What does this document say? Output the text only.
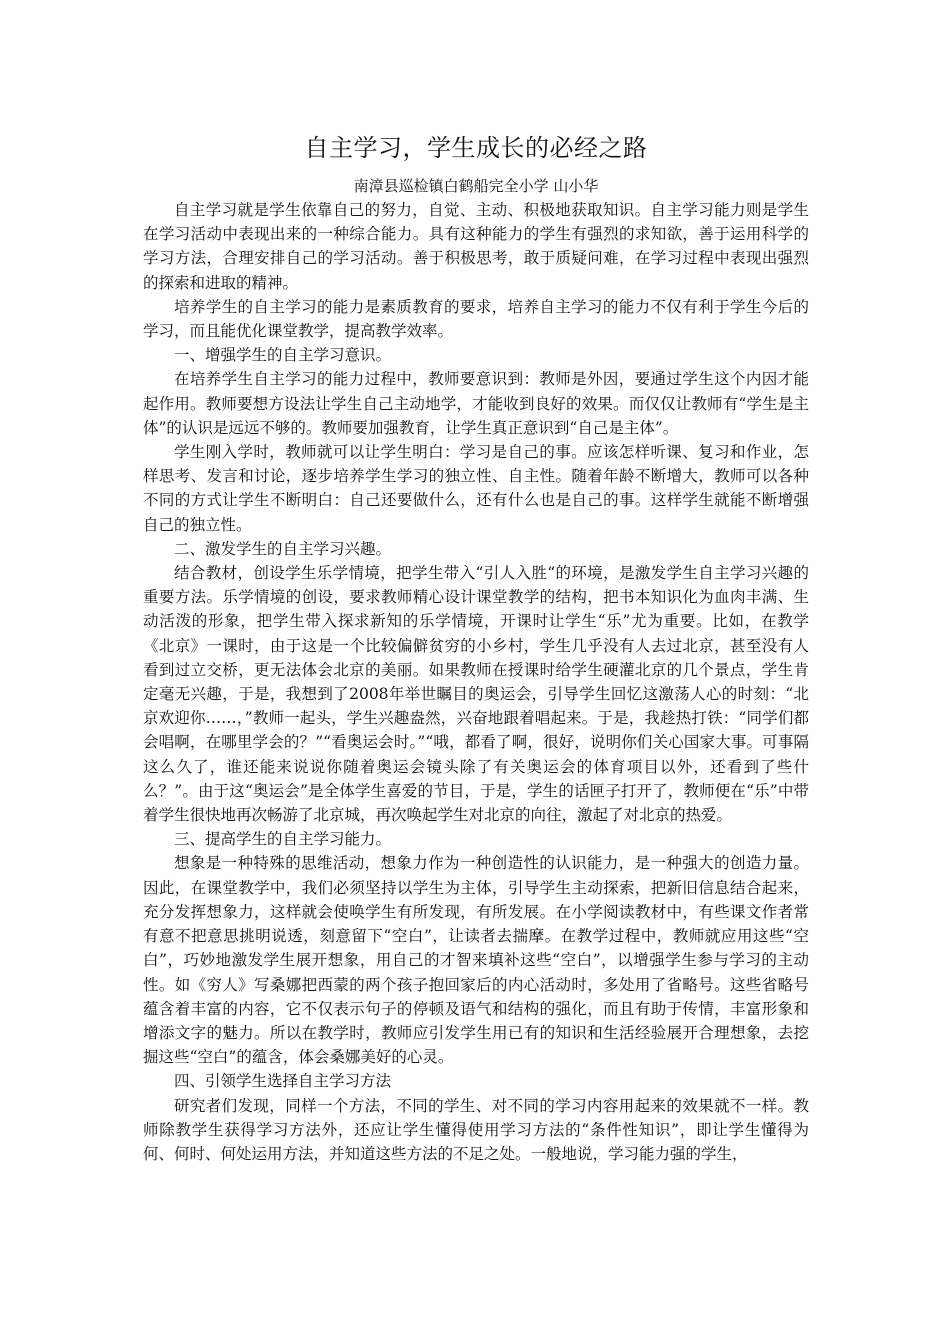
自主学习，学生成长的必经之路

南漳县巡检镇白鹤船完全小学 山小华

自主学习就是学生依靠自己的努力，自觉、主动、积极地获取知识。自主学习能力则是学生在学习活动中表现出来的一种综合能力。具有这种能力的学生有强烈的求知欲，善于运用科学的学习方法，合理安排自己的学习活动。善于积极思考，敢于质疑问难，在学习过程中表现出强烈的探索和进取的精神。

培养学生的自主学习的能力是素质教育的要求，培养自主学习的能力不仅有利于学生今后的学习，而且能优化课堂教学，提高教学效率。

一、增强学生的自主学习意识。

在培养学生自主学习的能力过程中，教师要意识到：教师是外因，要通过学生这个内因才能起作用。教师要想方设法让学生自己主动地学，才能收到良好的效果。而仅仅让教师有“学生是主体”的认识是远远不够的。教师要加强教育，让学生真正意识到“自己是主体”。

学生刚入学时，教师就可以让学生明白：学习是自己的事。应该怎样听课、复习和作业，怎样思考、发言和讨论，逐步培养学生学习的独立性、自主性。随着年龄不断增大，教师可以各种不同的方式让学生不断明白：自己还要做什么，还有什么也是自己的事。这样学生就能不断增强自己的独立性。

二、激发学生的自主学习兴趣。

结合教材，创设学生乐学情境，把学生带入“引人入胜“的环境，是激发学生自主学习兴趣的重要方法。乐学情境的创设，要求教师精心设计课堂教学的结构，把书本知识化为血肉丰满、生动活泼的形象，把学生带入探求新知的乐学情境，开课时让学生“乐”尤为重要。比如，在教学《北京》一课时，由于这是一个比较偏僻贫穷的小乡村，学生几乎没有人去过北京，甚至没有人看到过立交桥，更无法体会北京的美丽。如果教师在授课时给学生硬灌北京的几个景点，学生肯定毫无兴趣，于是，我想到了2008年举世瞩目的奥运会，引导学生回忆这激荡人心的时刻：“北京欢迎你……，”教师一起头，学生兴趣盎然，兴奋地跟着唱起来。于是，我趁热打铁：“同学们都会唱啊，在哪里学会的？”“看奥运会时。”“哦，都看了啊，很好，说明你们关心国家大事。可事隔这么久了，谁还能来说说你随着奥运会镜头除了有关奥运会的体育项目以外，还看到了些什么？”。由于这“奥运会”是全体学生喜爱的节目，于是，学生的话匣子打开了，教师便在“乐”中带着学生很快地再次畅游了北京城，再次唤起学生对北京的向往，激起了对北京的热爱。

三、提高学生的自主学习能力。

想象是一种特殊的思维活动，想象力作为一种创造性的认识能力，是一种强大的创造力量。因此，在课堂教学中，我们必须坚持以学生为主体，引导学生主动探索，把新旧信息结合起来，充分发挥想象力，这样就会使唤学生有所发现，有所发展。在小学阅读教材中，有些课文作者常有意不把意思挑明说透，刻意留下“空白”，让读者去揣摩。在教学过程中，教师就应用这些“空白”，巧妙地激发学生展开想象，用自己的才智来填补这些“空白”，以增强学生参与学习的主动性。如《穷人》写桑娜把西蒙的两个孩子抱回家后的内心活动时，多处用了省略号。这些省略号蕴含着丰富的内容，它不仅表示句子的停顿及语气和结构的强化，而且有助于传情，丰富形象和增添文字的魅力。所以在教学时，教师应引发学生用已有的知识和生活经验展开合理想象，去挖掘这些“空白”的蕴含，体会桑娜美好的心灵。

四、引领学生选择自主学习方法

研究者们发现，同样一个方法，不同的学生、对不同的学习内容用起来的效果就不一样。教师除教学生获得学习方法外，还应让学生懂得使用学习方法的“条件性知识”，即让学生懂得为何、何时、何处运用方法，并知道这些方法的不足之处。一般地说，学习能力强的学生，
